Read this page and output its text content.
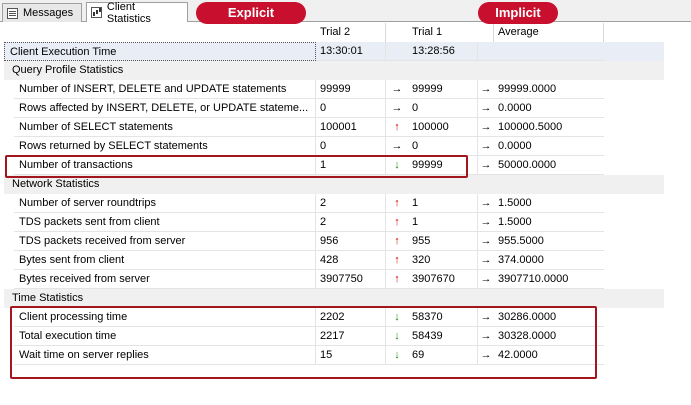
Messages
Client Statistics
Trial 2	Trial 1	Average
Client Execution Time	13:30:01	13:28:56
Query Profile Statistics
Number of INSERT, DELETE and UPDATE statements	99999	→ 99999	→ 99999.0000
Rows affected by INSERT, DELETE, or UPDATE stateme...	0	→ 0	→ 0.0000
Number of SELECT statements	100001	↑	100000	→ 100000.5000
Rows returned by SELECT statements	0	→ 0	→ 0.0000
Number of transactions	1	↓	99999	→ 50000.0000
Network Statistics
Number of server roundtrips	2	↑	1	→ 1.5000
TDS packets sent from client	2	↑	1	→ 1.5000
TDS packets received from server	956	↑	955	→ 955.5000
Bytes sent from client	428	↑	320	→ 374.0000
Bytes received from server	3907750	↑	3907670	→ 3907710.0000
Time Statistics
Client processing time	2202	↓	58370	→ 30286.0000
Total execution time	2217	↓	58439	→ 30328.0000
Wait time on server replies	15	↓	69	→ 42.0000
Explicit	Implicit
